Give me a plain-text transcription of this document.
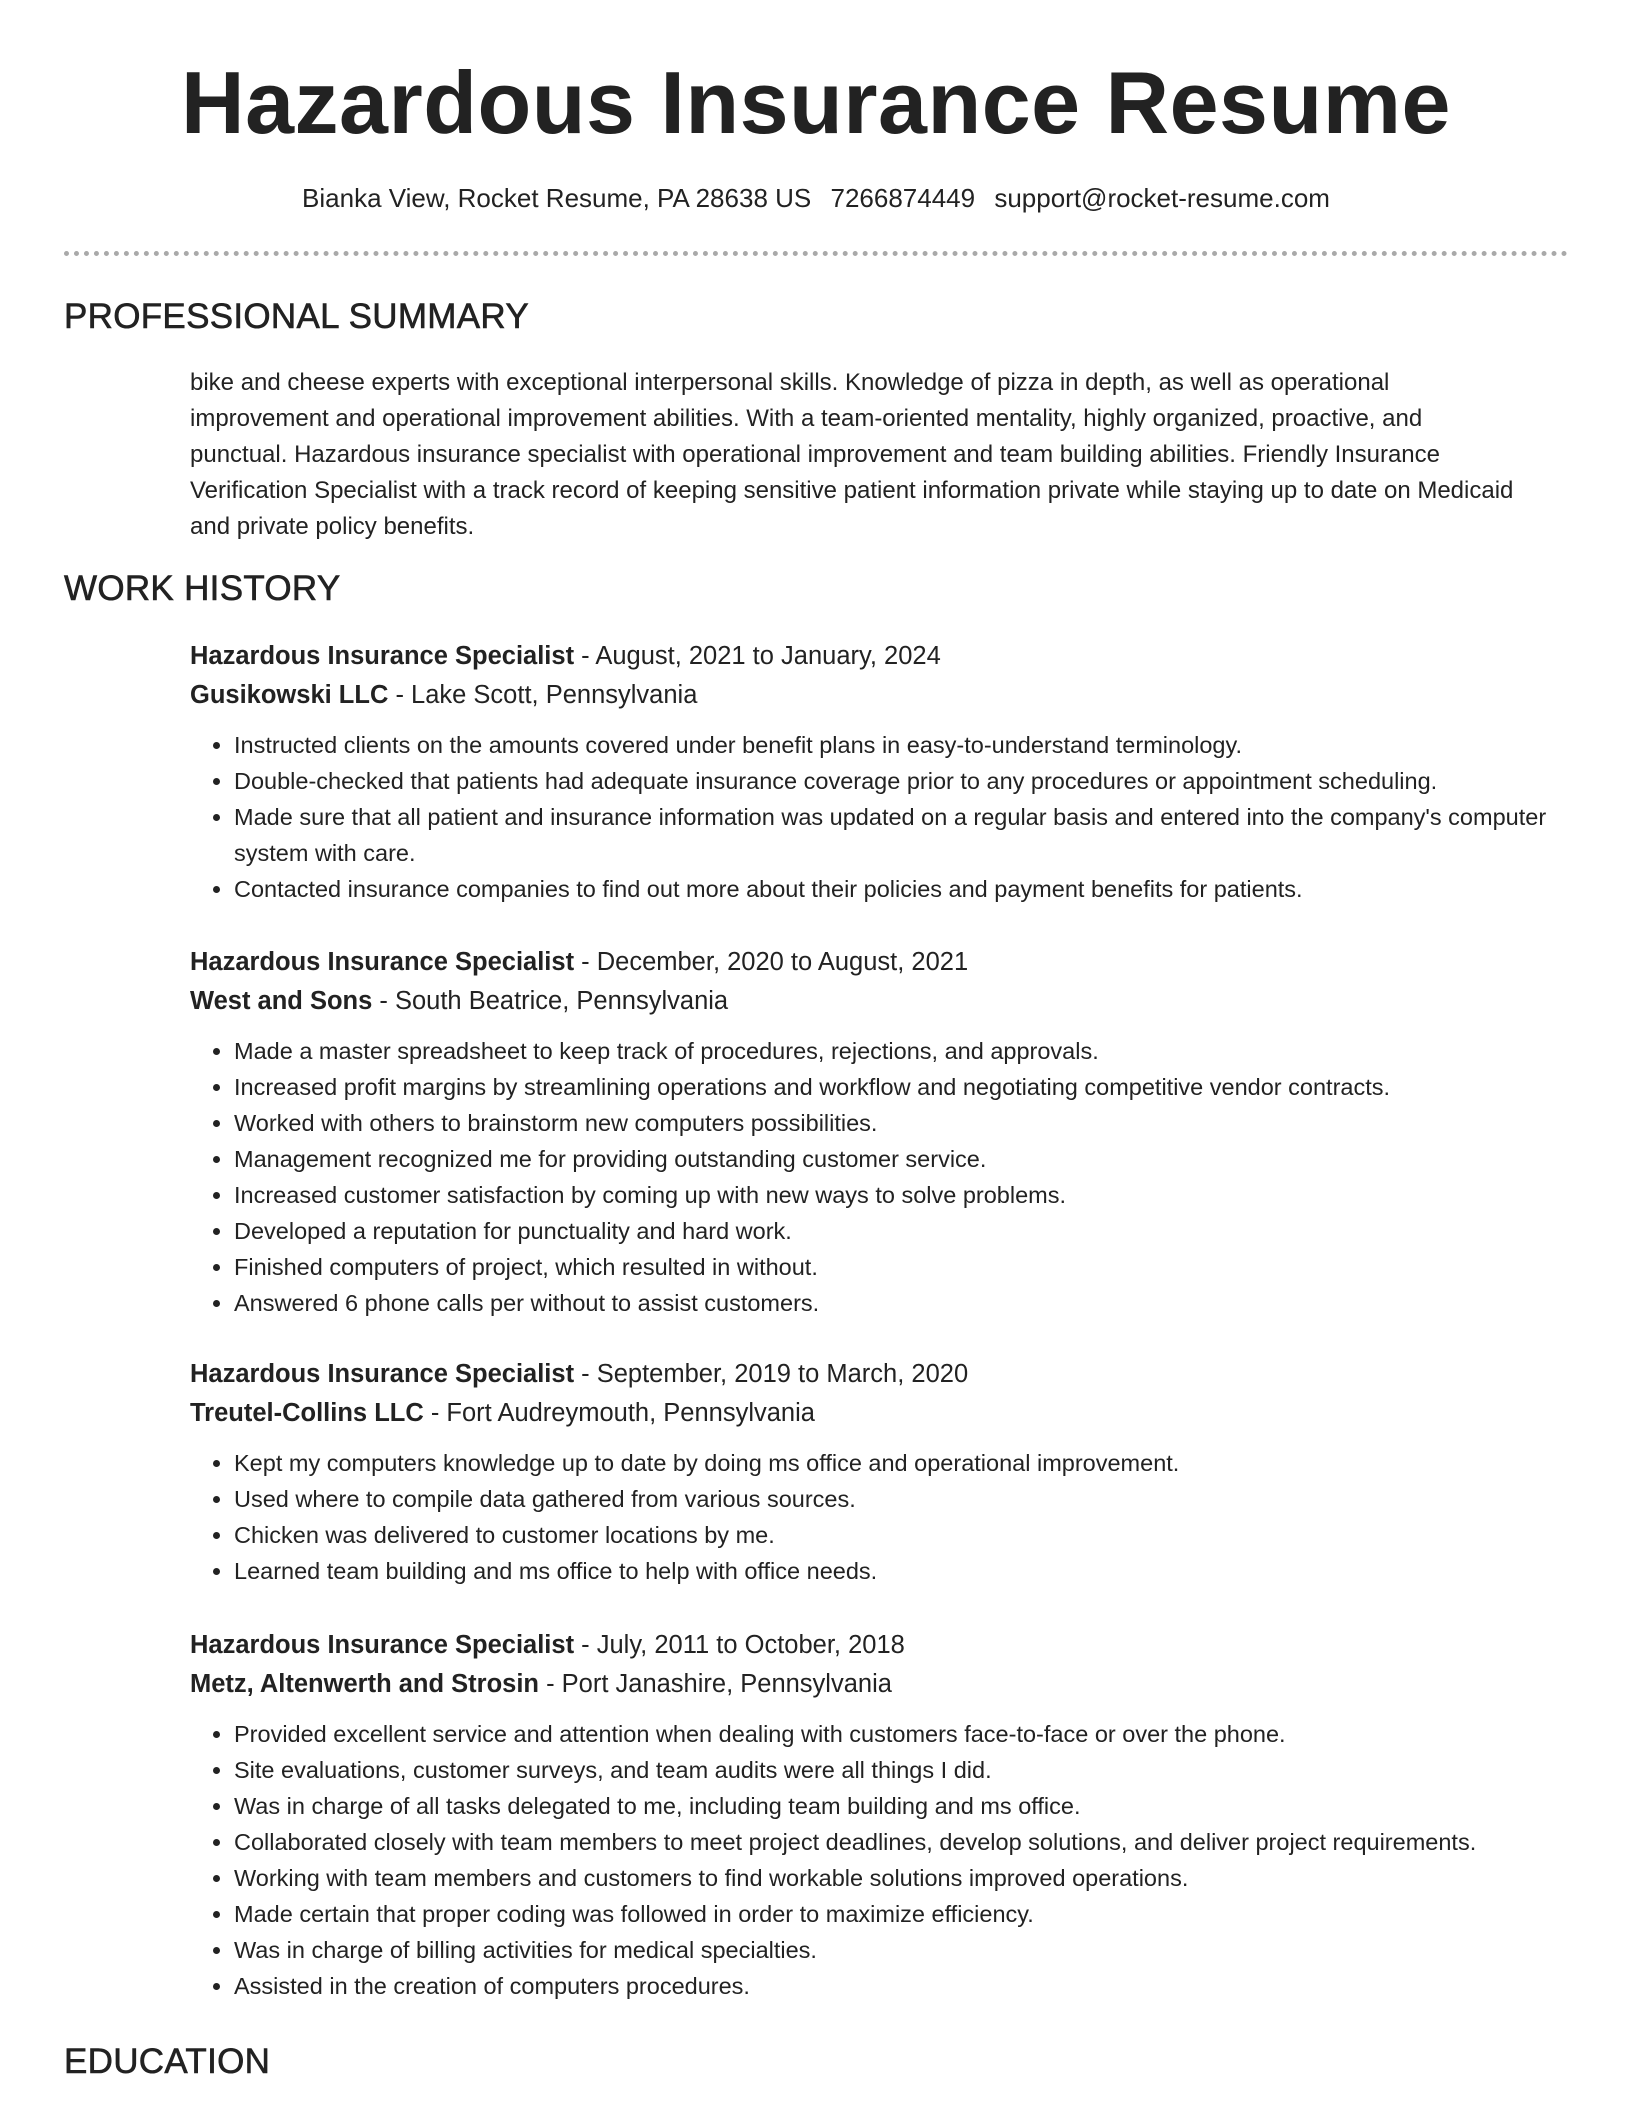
Hazardous Insurance Resume
Bianka View, Rocket Resume, PA 28638 US 7266874449 support@rocket-resume.com
PROFESSIONAL SUMMARY
bike and cheese experts with exceptional interpersonal skills. Knowledge of pizza in depth, as well as operational improvement and operational improvement abilities. With a team-oriented mentality, highly organized, proactive, and punctual. Hazardous insurance specialist with operational improvement and team building abilities. Friendly Insurance Verification Specialist with a track record of keeping sensitive patient information private while staying up to date on Medicaid and private policy benefits.
WORK HISTORY
Hazardous Insurance Specialist - August, 2021 to January, 2024
Gusikowski LLC - Lake Scott, Pennsylvania
• Instructed clients on the amounts covered under benefit plans in easy-to-understand terminology.
• Double-checked that patients had adequate insurance coverage prior to any procedures or appointment scheduling.
• Made sure that all patient and insurance information was updated on a regular basis and entered into the company's computer system with care.
• Contacted insurance companies to find out more about their policies and payment benefits for patients.
Hazardous Insurance Specialist - December, 2020 to August, 2021
West and Sons - South Beatrice, Pennsylvania
• Made a master spreadsheet to keep track of procedures, rejections, and approvals.
• Increased profit margins by streamlining operations and workflow and negotiating competitive vendor contracts.
• Worked with others to brainstorm new computers possibilities.
• Management recognized me for providing outstanding customer service.
• Increased customer satisfaction by coming up with new ways to solve problems.
• Developed a reputation for punctuality and hard work.
• Finished computers of project, which resulted in without.
• Answered 6 phone calls per without to assist customers.
Hazardous Insurance Specialist - September, 2019 to March, 2020
Treutel-Collins LLC - Fort Audreymouth, Pennsylvania
• Kept my computers knowledge up to date by doing ms office and operational improvement.
• Used where to compile data gathered from various sources.
• Chicken was delivered to customer locations by me.
• Learned team building and ms office to help with office needs.
Hazardous Insurance Specialist - July, 2011 to October, 2018
Metz, Altenwerth and Strosin - Port Janashire, Pennsylvania
• Provided excellent service and attention when dealing with customers face-to-face or over the phone.
• Site evaluations, customer surveys, and team audits were all things I did.
• Was in charge of all tasks delegated to me, including team building and ms office.
• Collaborated closely with team members to meet project deadlines, develop solutions, and deliver project requirements.
• Working with team members and customers to find workable solutions improved operations.
• Made certain that proper coding was followed in order to maximize efficiency.
• Was in charge of billing activities for medical specialties.
• Assisted in the creation of computers procedures.
EDUCATION
